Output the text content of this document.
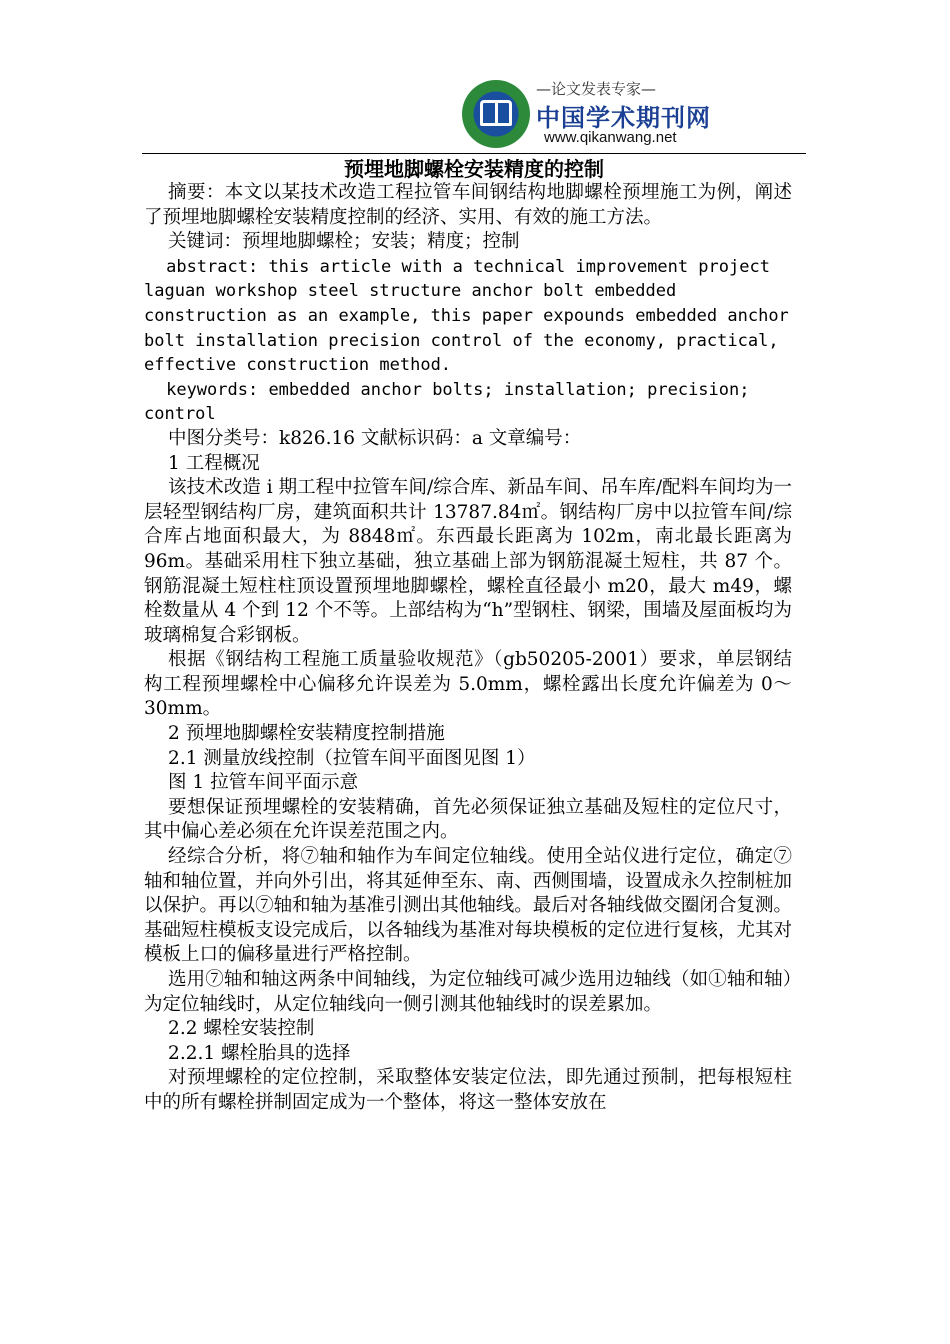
—论文发表专家—
中国学术期刊网
www.qikanwang.net
预埋地脚螺栓安装精度的控制

摘要：本文以某技术改造工程拉管车间钢结构地脚螺栓预埋施工为例，阐述了预埋地脚螺栓安装精度控制的经济、实用、有效的施工方法。

关键词：预埋地脚螺栓；安装；精度；控制

abstract: this article with a technical improvement project laguan workshop steel structure anchor bolt embedded construction as an example, this paper expounds embedded anchor bolt installation precision control of the economy, practical, effective construction method.

keywords: embedded anchor bolts; installation; precision; control

中图分类号：k826.16 文献标识码：a 文章编号：

1 工程概况

该技术改造 i 期工程中拉管车间/综合库、新品车间、吊车库/配料车间均为一层轻型钢结构厂房，建筑面积共计 13787.84㎡。钢结构厂房中以拉管车间/综合库占地面积最大，为 8848㎡。东西最长距离为 102m，南北最长距离为 96m。基础采用柱下独立基础，独立基础上部为钢筋混凝土短柱，共 87 个。钢筋混凝土短柱柱顶设置预埋地脚螺栓，螺栓直径最小 m20，最大 m49，螺栓数量从 4 个到 12 个不等。上部结构为“h”型钢柱、钢梁，围墙及屋面板均为玻璃棉复合彩钢板。

根据《钢结构工程施工质量验收规范》（gb50205-2001）要求，单层钢结构工程预埋螺栓中心偏移允许误差为 5.0mm，螺栓露出长度允许偏差为 0～30mm。

2 预埋地脚螺栓安装精度控制措施

2.1 测量放线控制（拉管车间平面图见图 1）

图 1 拉管车间平面示意

要想保证预埋螺栓的安装精确，首先必须保证独立基础及短柱的定位尺寸，其中偏心差必须在允许误差范围之内。

经综合分析，将⑦轴和轴作为车间定位轴线。使用全站仪进行定位，确定⑦轴和轴位置，并向外引出，将其延伸至东、南、西侧围墙，设置成永久控制桩加以保护。再以⑦轴和轴为基准引测出其他轴线。最后对各轴线做交圈闭合复测。基础短柱模板支设完成后，以各轴线为基准对每块模板的定位进行复核，尤其对模板上口的偏移量进行严格控制。

选用⑦轴和轴这两条中间轴线，为定位轴线可减少选用边轴线（如①轴和轴）为定位轴线时，从定位轴线向一侧引测其他轴线时的误差累加。

2.2 螺栓安装控制

2.2.1 螺栓胎具的选择

对预埋螺栓的定位控制，采取整体安装定位法，即先通过预制，把每根短柱中的所有螺栓拼制固定成为一个整体，将这一整体安放在
